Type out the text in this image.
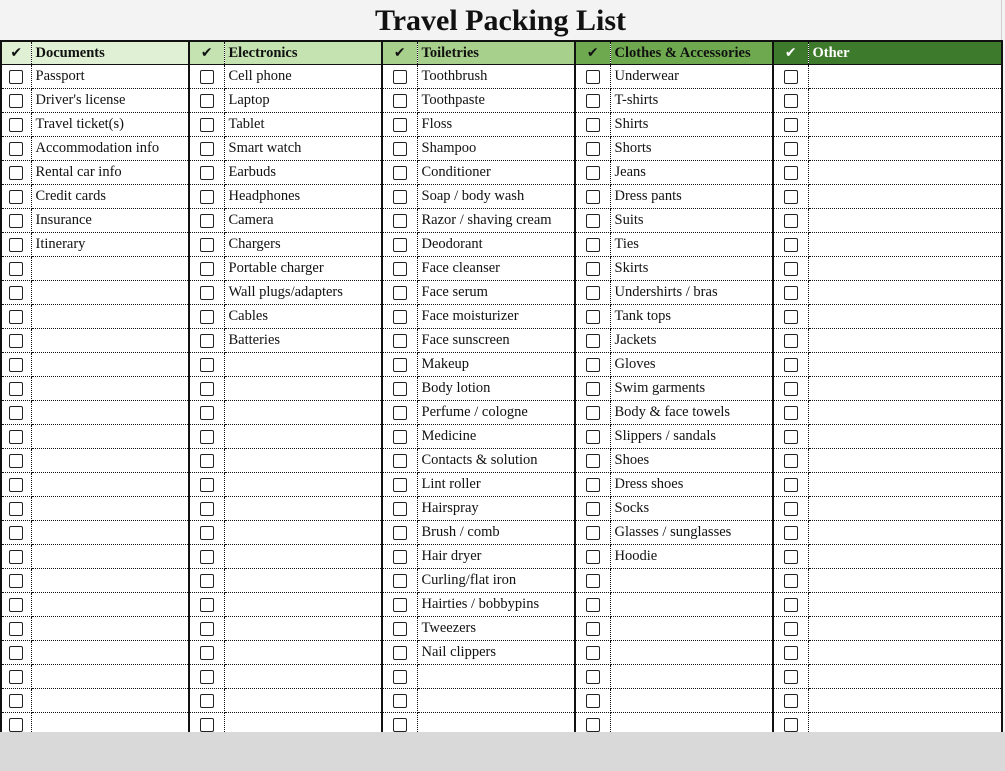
Travel Packing List
✔	Documents	✔	Electronics	✔	Toiletries	✔	Clothes & Accessories	✔	Other
	Passport		Cell phone		Toothbrush		Underwear		
	Driver's license		Laptop		Toothpaste		T-shirts		
	Travel ticket(s)		Tablet		Floss		Shirts		
	Accommodation info		Smart watch		Shampoo		Shorts		
	Rental car info		Earbuds		Conditioner		Jeans		
	Credit cards		Headphones		Soap / body wash		Dress pants		
	Insurance		Camera		Razor / shaving cream		Suits		
	Itinerary		Chargers		Deodorant		Ties		
			Portable charger		Face cleanser		Skirts		
			Wall plugs/adapters		Face serum		Undershirts / bras		
			Cables		Face moisturizer		Tank tops		
			Batteries		Face sunscreen		Jackets		
					Makeup		Gloves		
					Body lotion		Swim garments		
					Perfume / cologne		Body & face towels		
					Medicine		Slippers / sandals		
					Contacts & solution		Shoes		
					Lint roller		Dress shoes		
					Hairspray		Socks		
					Brush / comb		Glasses / sunglasses		
					Hair dryer		Hoodie		
					Curling/flat iron				
					Hairties / bobbypins				
					Tweezers				
					Nail clippers				
